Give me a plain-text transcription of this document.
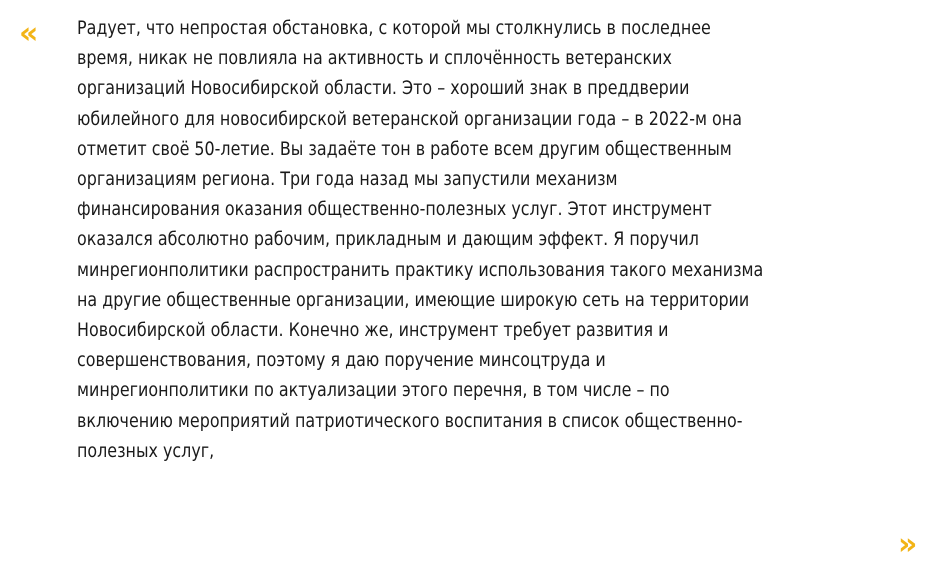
« Радует, что непростая обстановка, с которой мы столкнулись в последнее
время, никак не повлияла на активность и сплочённость ветеранских
организаций Новосибирской области. Это – хороший знак в преддверии
юбилейного для новосибирской ветеранской организации года – в 2022-м она
отметит своё 50-летие. Вы задаёте тон в работе всем другим общественным
организациям региона. Три года назад мы запустили механизм
финансирования оказания общественно-полезных услуг. Этот инструмент
оказался абсолютно рабочим, прикладным и дающим эффект. Я поручил
минрегионполитики распространить практику использования такого механизма
на другие общественные организации, имеющие широкую сеть на территории
Новосибирской области. Конечно же, инструмент требует развития и
совершенствования, поэтому я даю поручение минсоцтруда и
минрегионполитики по актуализации этого перечня, в том числе – по
включению мероприятий патриотического воспитания в список общественно-
полезных услуг,

»
